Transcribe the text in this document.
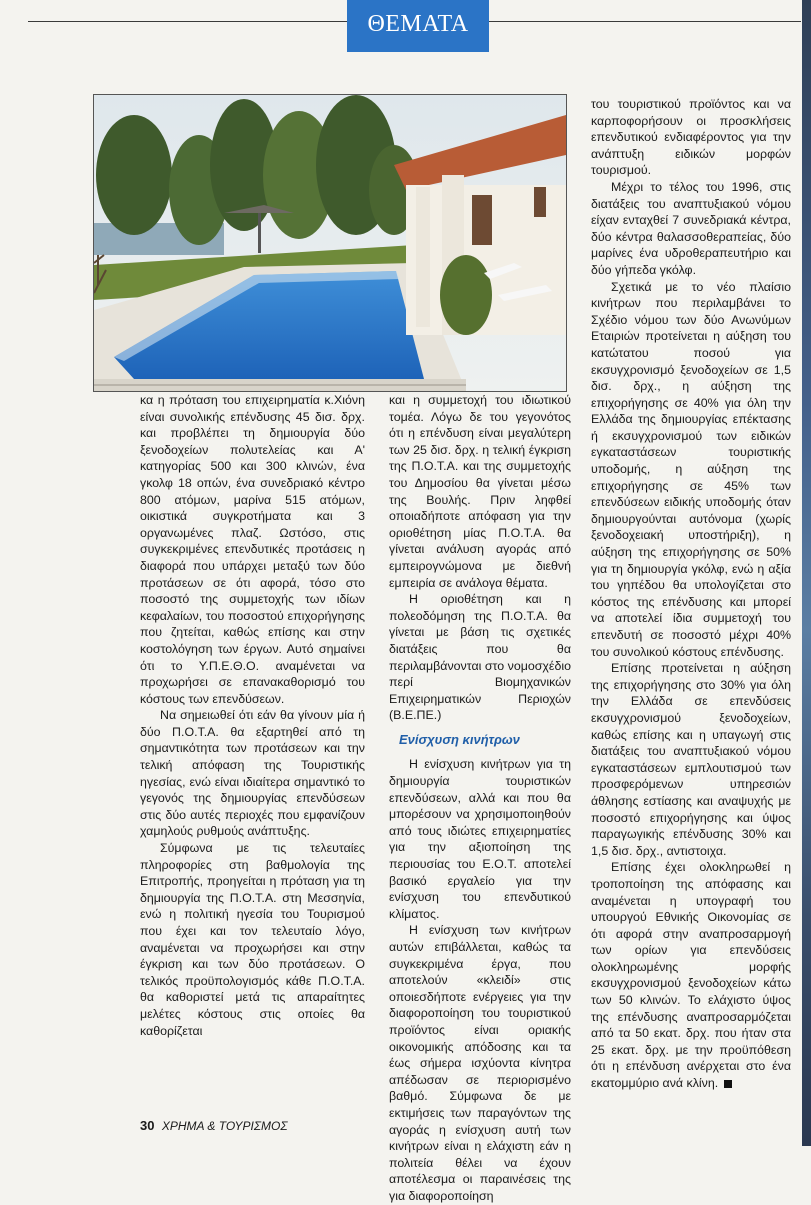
ΘΕΜΑΤΑ

κα η πρόταση του επιχειρηματία κ.Χιόνη είναι συνολικής επένδυσης 45 δισ. δρχ. και προβλέπει τη δημιουργία δύο ξενοδοχείων πολυτελείας και Α' κατηγορίας 500 και 300 κλινών, ένα γκολφ 18 οπών, ένα συνεδριακό κέντρο 800 ατόμων, μαρίνα 515 ατόμων, οικιστικά συγκροτήματα και 3 οργανωμένες πλαζ. Ωστόσο, στις συγκεκριμένες επενδυτικές προτάσεις η διαφορά που υπάρχει μεταξύ των δύο προτάσεων σε ότι αφορά, τόσο στο ποσοστό της συμμετοχής των ιδίων κεφαλαίων, του ποσοστού επιχορήγησης που ζητείται, καθώς επίσης και στην κοστολόγηση των έργων. Αυτό σημαίνει ότι το Υ.Π.Ε.Θ.Ο. αναμένεται να προχωρήσει σε επανακαθορισμό του κόστους των επενδύσεων.

Να σημειωθεί ότι εάν θα γίνουν μία ή δύο Π.Ο.Τ.Α. θα εξαρτηθεί από τη σημαντικότητα των προτάσεων και την τελική απόφαση της Τουριστικής ηγεσίας, ενώ είναι ιδιαίτερα σημαντικό το γεγονός της δημιουργίας επενδύσεων στις δύο αυτές περιοχές που εμφανίζουν χαμηλούς ρυθμούς ανάπτυξης.

Σύμφωνα με τις τελευταίες πληροφορίες στη βαθμολογία της Επιτροπής, προηγείται η πρόταση για τη δημιουργία της Π.Ο.Τ.Α. στη Μεσσηνία, ενώ η πολιτική ηγεσία του Τουρισμού που έχει και τον τελευταίο λόγο, αναμένεται να προχωρήσει και στην έγκριση και των δύο προτάσεων. Ο τελικός προϋπολογισμός κάθε Π.Ο.Τ.Α. θα καθοριστεί μετά τις απαραίτητες μελέτες κόστους στις οποίες θα καθορίζεται

και η συμμετοχή του ιδιωτικού τομέα. Λόγω δε του γεγονότος ότι η επένδυση είναι μεγαλύτερη των 25 δισ. δρχ. η τελική έγκριση της Π.Ο.Τ.Α. και της συμμετοχής του Δημοσίου θα γίνεται μέσω της Βουλής. Πριν ληφθεί οποιαδήποτε απόφαση για την οριοθέτηση μίας Π.Ο.Τ.Α. θα γίνεται ανάλυση αγοράς από εμπειρογνώμονα με διεθνή εμπειρία σε ανάλογα θέματα.

Η οριοθέτηση και η πολεοδόμηση της Π.Ο.Τ.Α. θα γίνεται με βάση τις σχετικές διατάξεις που θα περιλαμβάνονται στο νομοσχέδιο περί Βιομηχανικών Επιχειρηματικών Περιοχών (Β.Ε.ΠΕ.)

Ενίσχυση κινήτρων

Η ενίσχυση κινήτρων για τη δημιουργία τουριστικών επενδύσεων, αλλά και που θα μπορέσουν να χρησιμοποιηθούν από τους ιδιώτες επιχειρηματίες για την αξιοποίηση της περιουσίας του Ε.Ο.Τ. αποτελεί βασικό εργαλείο για την ενίσχυση του επενδυτικού κλίματος.

Η ενίσχυση των κινήτρων αυτών επιβάλλεται, καθώς τα συγκεκριμένα έργα, που αποτελούν «κλειδί» στις οποιεσδήποτε ενέργειες για την διαφοροποίηση του τουριστικού προϊόντος είναι οριακής οικονομικής απόδοσης και τα έως σήμερα ισχύοντα κίνητρα απέδωσαν σε περιορισμένο βαθμό. Σύμφωνα δε με εκτιμήσεις των παραγόντων της αγοράς η ενίσχυση αυτή των κινήτρων είναι η ελάχιστη εάν η πολιτεία θέλει να έχουν αποτέλεσμα οι παραινέσεις της για διαφοροποίηση

του τουριστικού προϊόντος και να καρποφορήσουν οι προσκλήσεις επενδυτικού ενδιαφέροντος για την ανάπτυξη ειδικών μορφών τουρισμού.

Μέχρι το τέλος του 1996, στις διατάξεις του αναπτυξιακού νόμου είχαν ενταχθεί 7 συνεδριακά κέντρα, δύο κέντρα θαλασσοθεραπείας, δύο μαρίνες ένα υδροθεραπευτήριο και δύο γήπεδα γκόλφ.

Σχετικά με το νέο πλαίσιο κινήτρων που περιλαμβάνει το Σχέδιο νόμου των δύο Ανωνύμων Εταιριών προτείνεται η αύξηση του κατώτατου ποσού για εκσυγχρονισμό ξενοδοχείων σε 1,5 δισ. δρχ., η αύξηση της επιχορήγησης σε 40% για όλη την Ελλάδα της δημιουργίας επέκτασης ή εκσυγχρονισμού των ειδικών εγκαταστάσεων τουριστικής υποδομής, η αύξηση της επιχορήγησης σε 45% των επενδύσεων ειδικής υποδομής όταν δημιουργούνται αυτόνομα (χωρίς ξενοδοχειακή υποστήριξη), η αύξηση της επιχορήγησης σε 50% για τη δημιουργία γκόλφ, ενώ η αξία του γηπέδου θα υπολογίζεται στο κόστος της επένδυσης και μπορεί να αποτελεί ίδια συμμετοχή του επενδυτή σε ποσοστό μέχρι 40% του συνολικού κόστους επένδυσης.

Επίσης προτείνεται η αύξηση της επιχορήγησης στο 30% για όλη την Ελλάδα σε επενδύσεις εκσυγχρονισμού ξενοδοχείων, καθώς επίσης και η υπαγωγή στις διατάξεις του αναπτυξιακού νόμου εγκαταστάσεων εμπλουτισμού των προσφερόμενων υπηρεσιών άθλησης εστίασης και αναψυχής με ποσοστό επιχορήγησης και ύψος παραγωγικής επένδυσης 30% και 1,5 δισ. δρχ., αντιστοιχα.

Επίσης έχει ολοκληρωθεί η τροποποίηση της απόφασης και αναμένεται η υπογραφή του υπουργού Εθνικής Οικονομίας σε ότι αφορά στην αναπροσαρμογή των ορίων για επενδύσεις ολοκληρωμένης μορφής εκσυγχρονισμού ξενοδοχείων κάτω των 50 κλινών. Το ελάχιστο ύψος της επένδυσης αναπροσαρμόζεται από τα 50 εκατ. δρχ. που ήταν στα 25 εκατ. δρχ. με την προϋπόθεση ότι η επένδυση ανέρχεται στο ένα εκατομμύριο ανά κλίνη.

30 ΧΡΗΜΑ & ΤΟΥΡΙΣΜΟΣ
